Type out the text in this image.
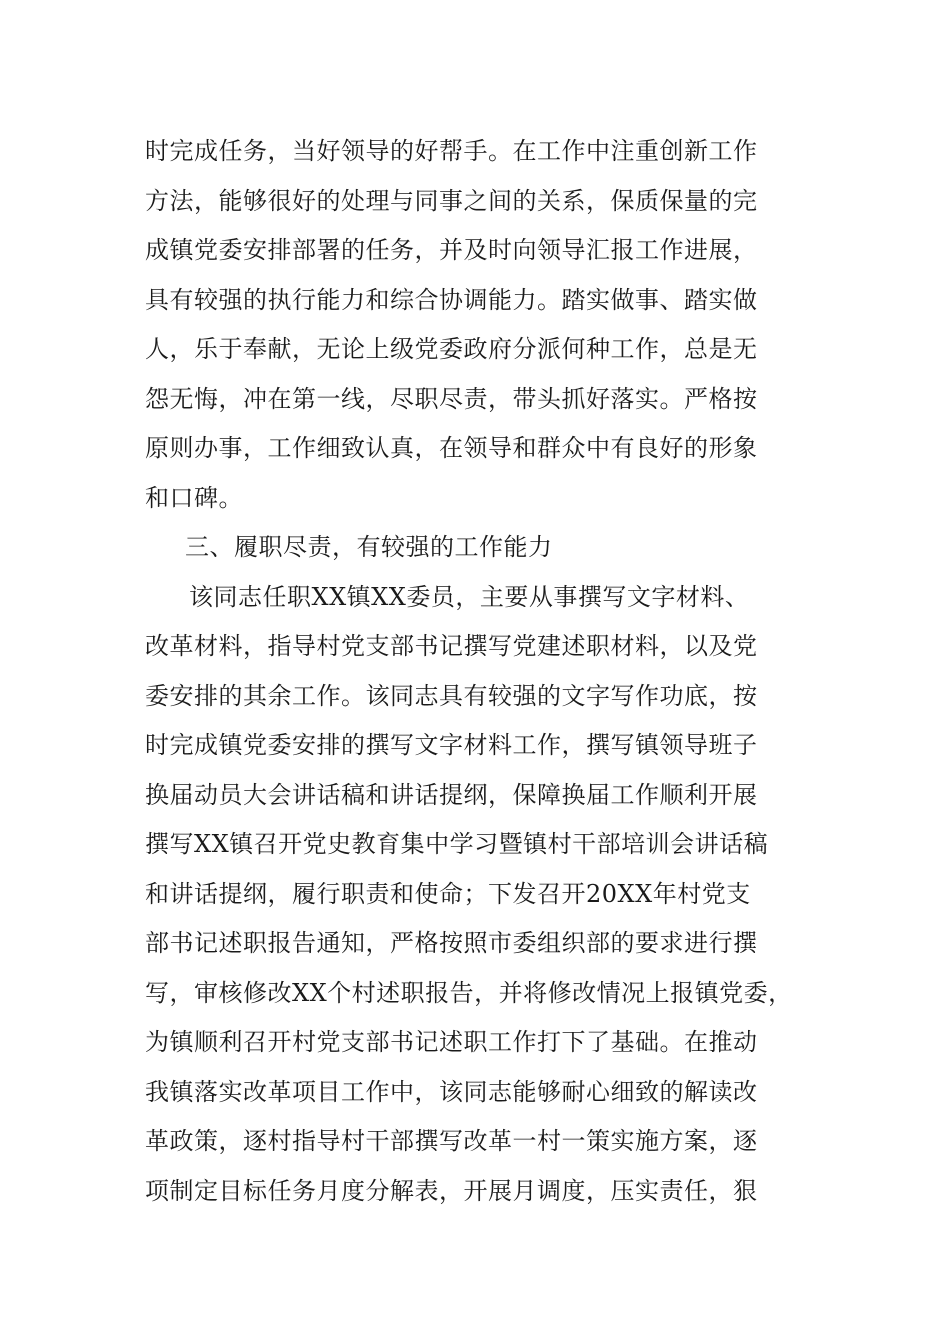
时完成任务，当好领导的好帮手。在工作中注重创新工作
方法，能够很好的处理与同事之间的关系，保质保量的完
成镇党委安排部署的任务，并及时向领导汇报工作进展，
具有较强的执行能力和综合协调能力。踏实做事、踏实做
人，乐于奉献，无论上级党委政府分派何种工作，总是无
怨无悔，冲在第一线，尽职尽责，带头抓好落实。严格按
原则办事，工作细致认真，在领导和群众中有良好的形象
和口碑。
三、履职尽责，有较强的工作能力
该同志任职XX镇XX委员，主要从事撰写文字材料、
改革材料，指导村党支部书记撰写党建述职材料，以及党
委安排的其余工作。该同志具有较强的文字写作功底，按
时完成镇党委安排的撰写文字材料工作，撰写镇领导班子
换届动员大会讲话稿和讲话提纲，保障换届工作顺利开展
撰写XX镇召开党史教育集中学习暨镇村干部培训会讲话稿
和讲话提纲，履行职责和使命；下发召开20XX年村党支
部书记述职报告通知，严格按照市委组织部的要求进行撰
写，审核修改XX个村述职报告，并将修改情况上报镇党委，
为镇顺利召开村党支部书记述职工作打下了基础。在推动
我镇落实改革项目工作中，该同志能够耐心细致的解读改
革政策，逐村指导村干部撰写改革一村一策实施方案，逐
项制定目标任务月度分解表，开展月调度，压实责任，狠
